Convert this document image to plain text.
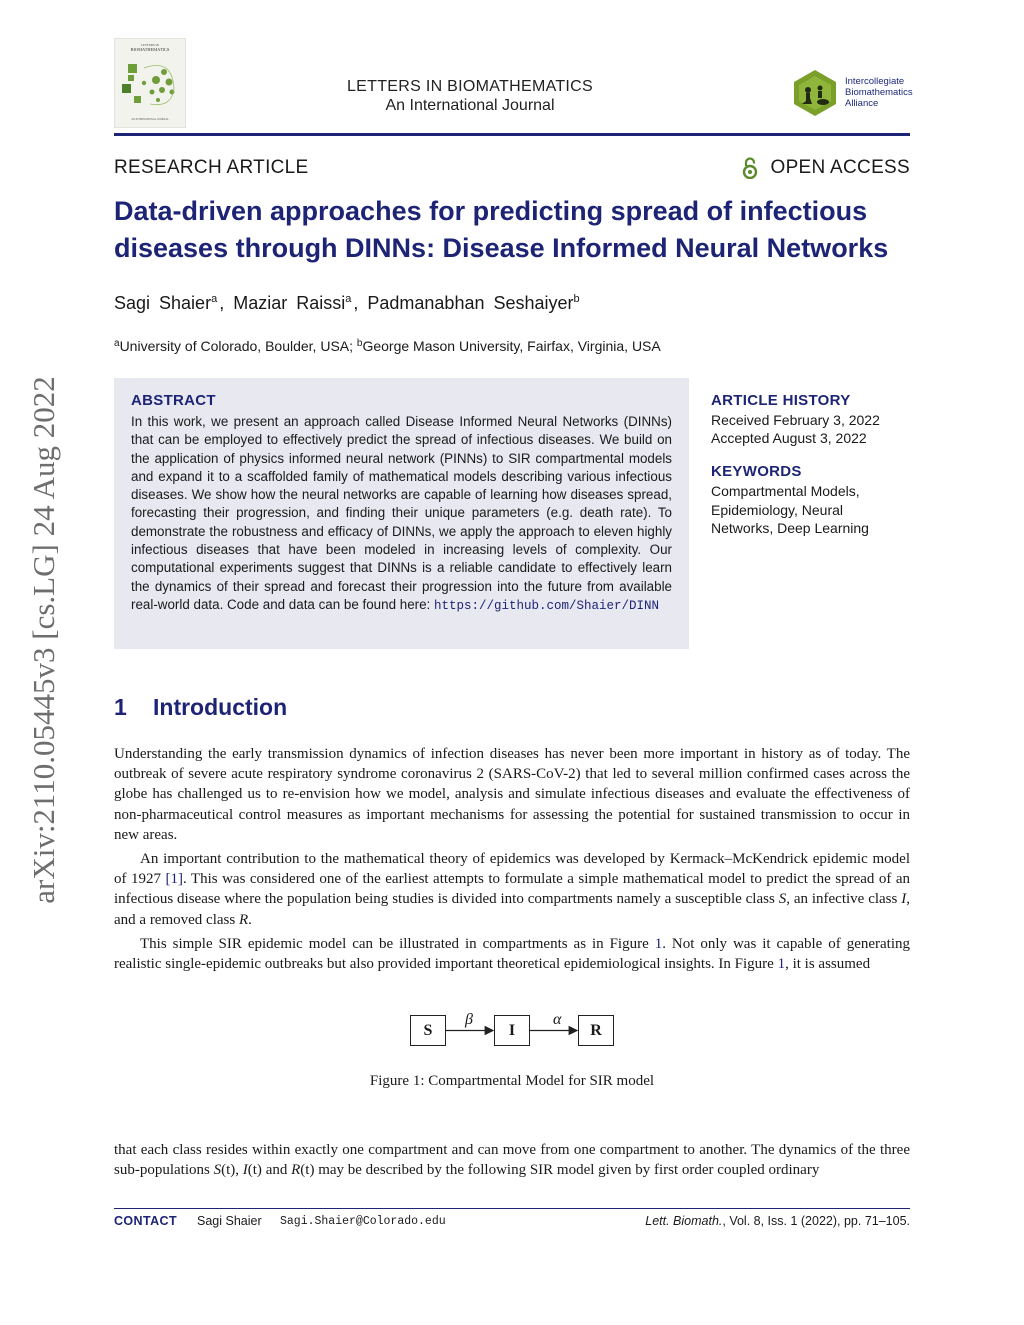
arXiv:2110.05445v3 [cs.LG] 24 Aug 2022
LETTERS IN
BIOMATHEMATICS
AN INTERNATIONAL JOURNAL
LETTERS IN BIOMATHEMATICS
An International Journal
Intercollegiate
Biomathematics
Alliance
RESEARCH ARTICLE	OPEN ACCESS
Data-driven approaches for predicting spread of infectious
diseases through DINNs: Disease Informed Neural Networks
Sagi Shaier$^a$ , Maziar Raissi$^a$ , Padmanabhan Seshaiyer$^b$
$^a$University of Colorado, Boulder, USA; $^b$George Mason University, Fairfax, Virginia, USA
ABSTRACT
In this work, we present an approach called Disease Informed Neural Networks (DINNs) that can be employed to effectively predict the spread of infectious diseases. We build on the application of physics informed neural network (PINNs) to SIR compartmental models and expand it to a scaffolded family of mathematical models describing various infectious diseases. We show how the neural networks are capable of learning how diseases spread, forecasting their progression, and finding their unique parameters (e.g. death rate). To demonstrate the robustness and efficacy of DINNs, we apply the approach to eleven highly infectious diseases that have been modeled in increasing levels of complexity. Our computational experiments suggest that DINNs is a reliable candidate to effectively learn the dynamics of their spread and forecast their progression into the future from available real-world data. Code and data can be found here: https://github.com/Shaier/DINN
ARTICLE HISTORY
Received February 3, 2022
Accepted August 3, 2022
KEYWORDS
Compartmental Models, Epidemiology, Neural Networks, Deep Learning
1 Introduction
Understanding the early transmission dynamics of infection diseases has never been more important in history as of today. The outbreak of severe acute respiratory syndrome coronavirus 2 (SARS-CoV-2) that led to several million confirmed cases across the globe has challenged us to re-envision how we model, analysis and simulate infectious diseases and evaluate the effectiveness of non-pharmaceutical control measures as important mechanisms for assessing the potential for sustained transmission to occur in new areas.
An important contribution to the mathematical theory of epidemics was developed by Kermack–McKendrick epidemic model of 1927 [1]. This was considered one of the earliest attempts to formulate a simple mathematical model to predict the spread of an infectious disease where the population being studies is divided into compartments namely a susceptible class S, an infective class I, and a removed class R.
This simple SIR epidemic model can be illustrated in compartments as in Figure 1. Not only was it capable of generating realistic single-epidemic outbreaks but also provided important theoretical epidemiological insights. In Figure 1, it is assumed
S	I	R
β	α
Figure 1: Compartmental Model for SIR model
that each class resides within exactly one compartment and can move from one compartment to another. The dynamics of the three sub-populations S(t), I(t) and R(t) may be described by the following SIR model given by first order coupled ordinary
CONTACT Sagi Shaier Sagi.Shaier@Colorado.edu	Lett. Biomath., Vol. 8, Iss. 1 (2022), pp. 71–105.
